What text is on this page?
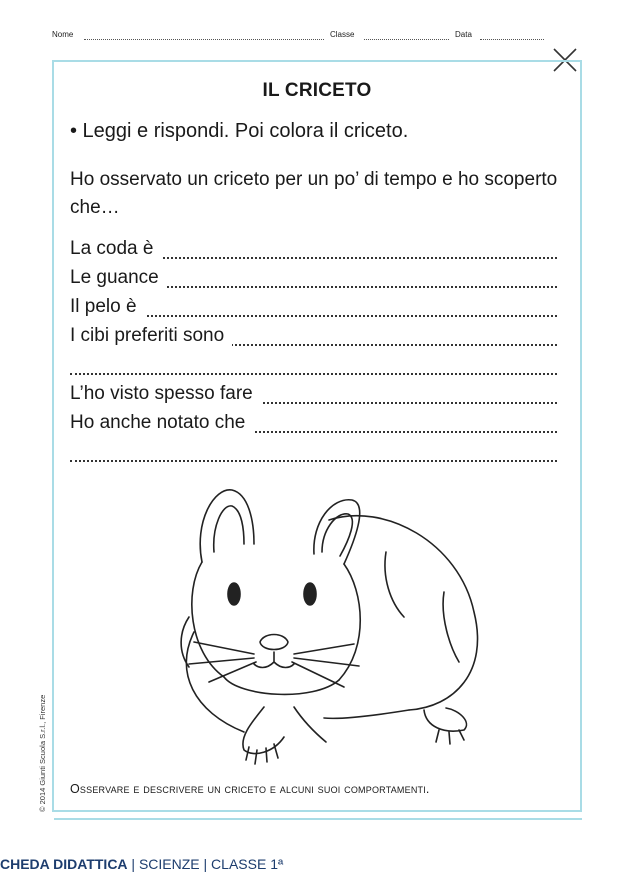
Nome	Classe	Data
IL CRICETO
• Leggi e rispondi. Poi colora il criceto.
Ho osservato un criceto per un po’ di tempo e ho scoperto che…
La coda è
Le guance
Il pelo è
I cibi preferiti sono
L’ho visto spesso fare
Ho anche notato che
Osservare e descrivere un criceto e alcuni suoi comportamenti.
© 2014 Giunti Scuola S.r.l., Firenze
CHEDA DIDATTICA | SCIENZE | CLASSE 1ª
